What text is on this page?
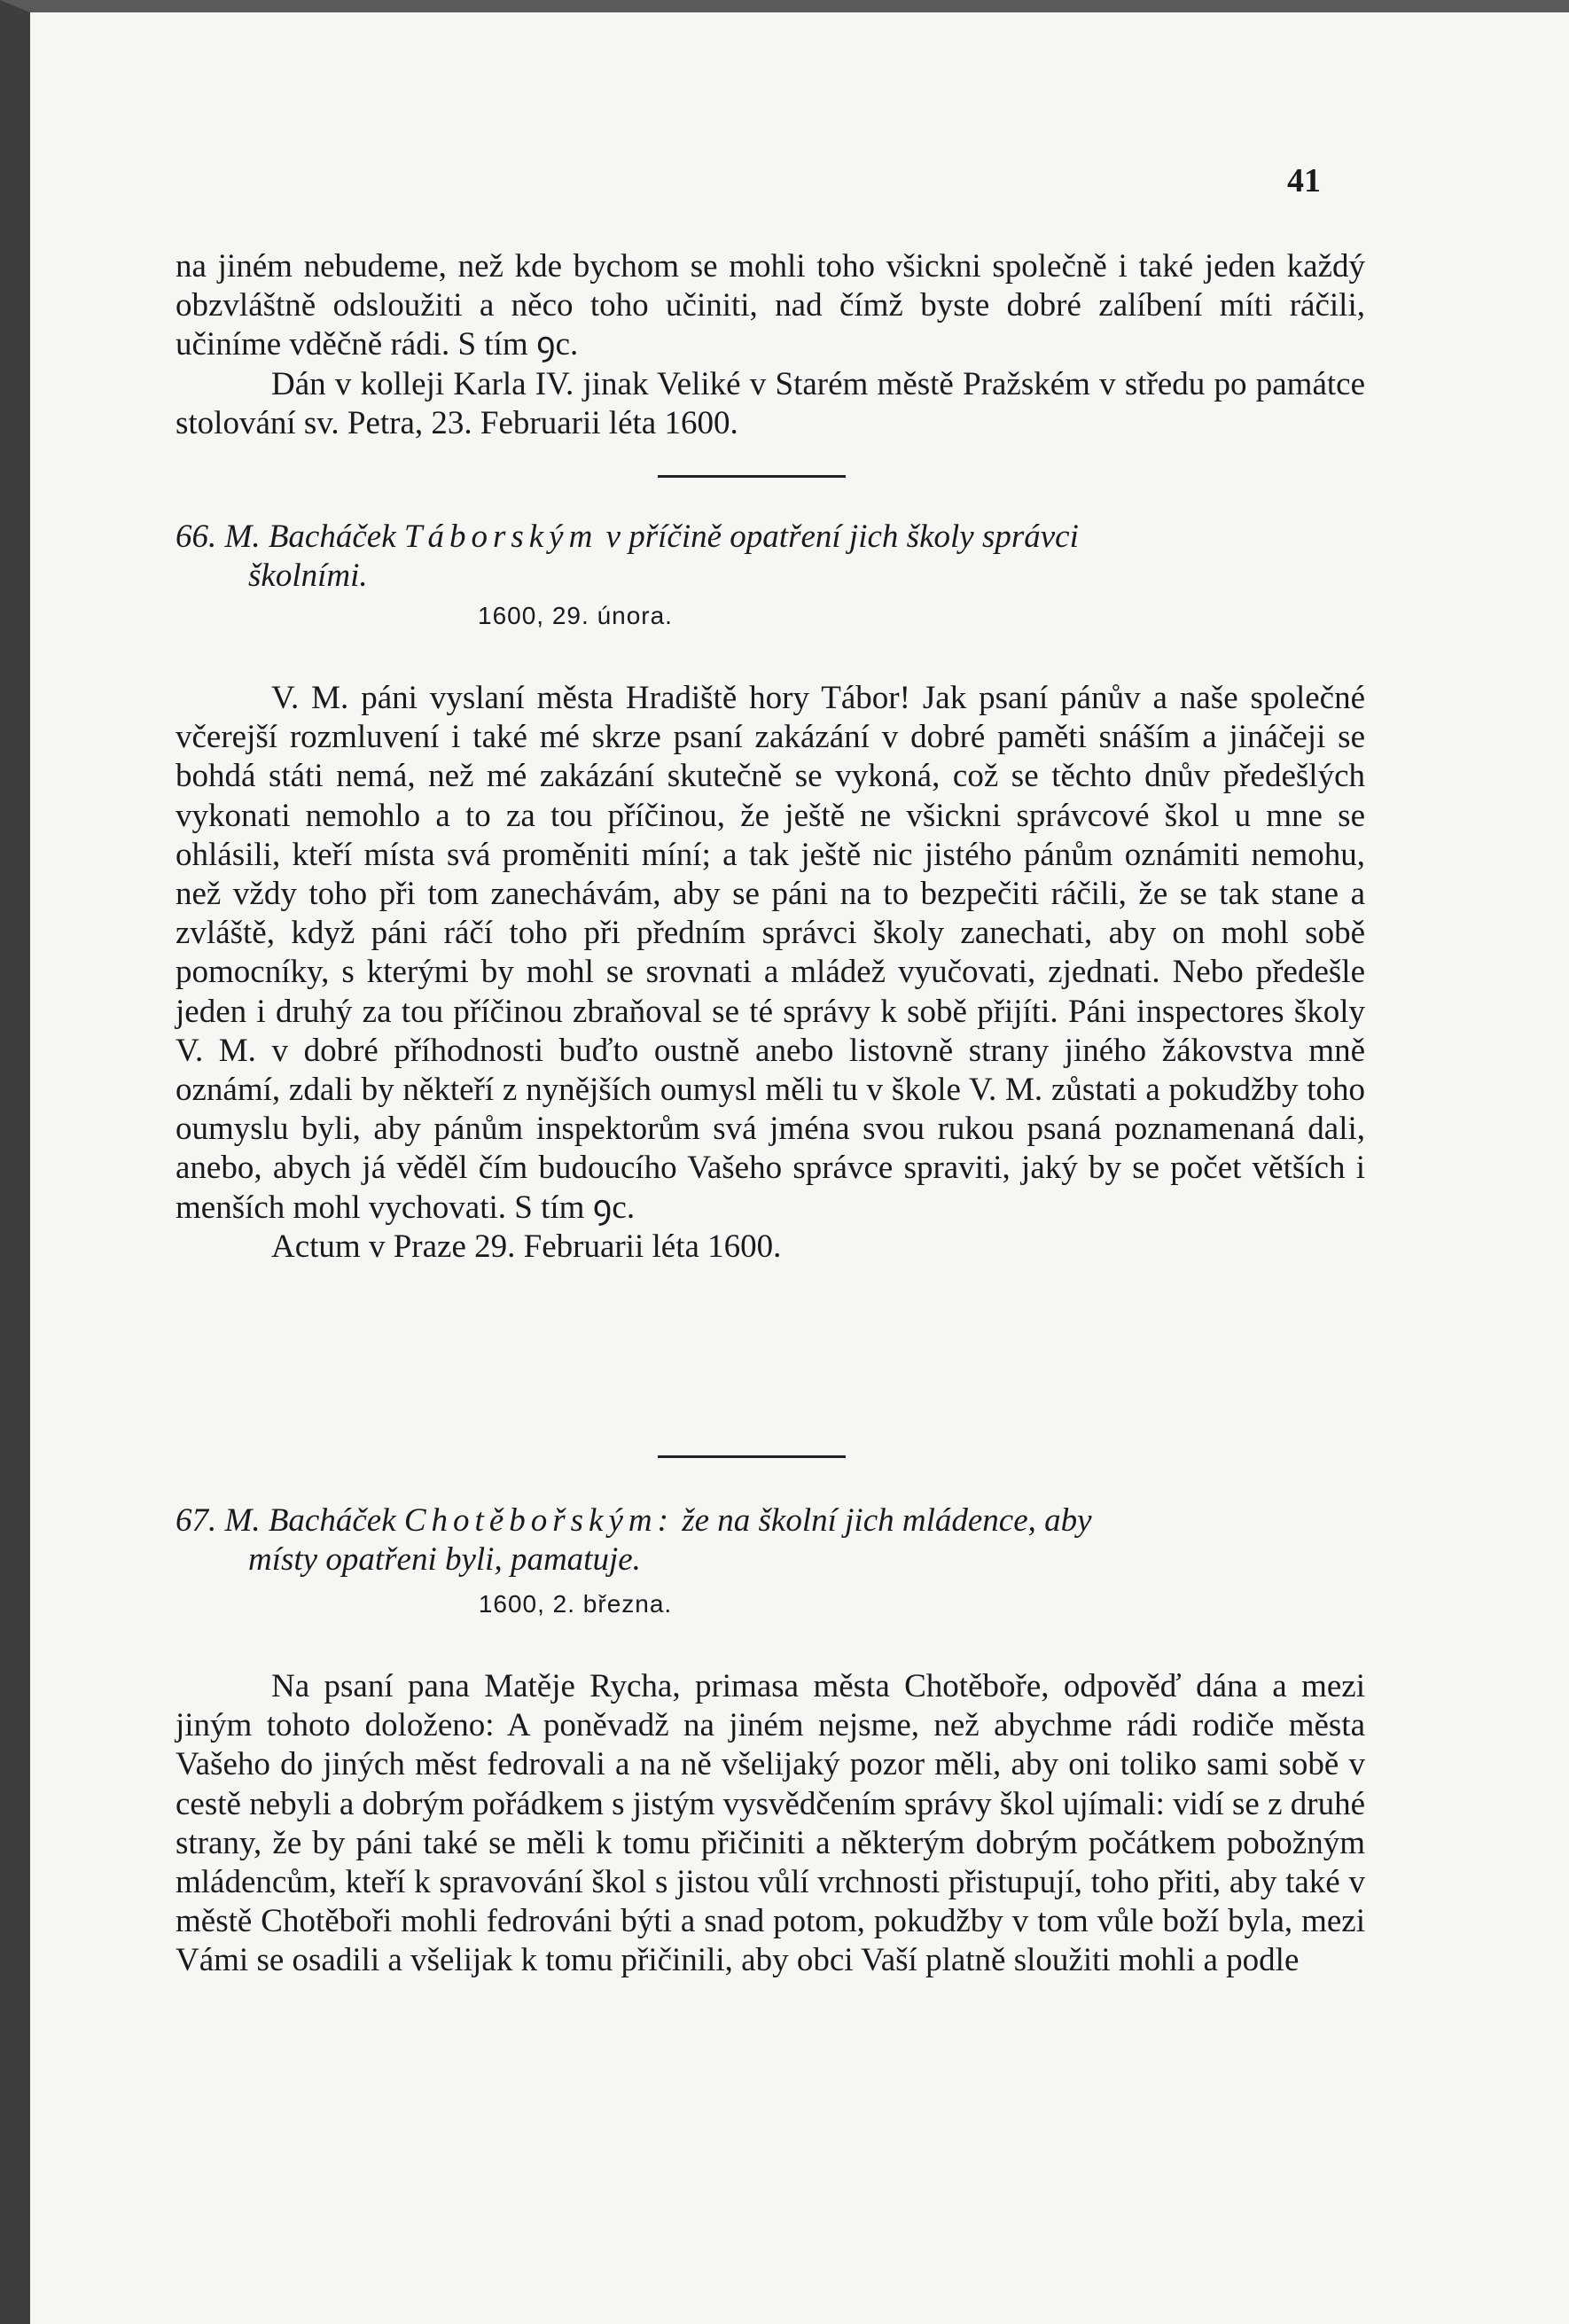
41

na jiném nebudeme, než kde bychom se mohli toho všickni společně i také jeden každý obzvláštně odsloužiti a něco toho učiniti, nad čímž byste dobré zalíbení míti ráčili, učiníme vděčně rádi. S tím ꝯc.

Dán v kolleji Karla IV. jinak Veliké v Starém městě Pražském v středu po památce stolování sv. Petra, 23. Februarii léta 1600.

66. M. Bacháček Táborským v příčině opatření jich školy správci
školními.
1600, 29. února.

V. M. páni vyslaní města Hradiště hory Tábor! Jak psaní pánův a naše společné včerejší rozmluvení i také mé skrze psaní zakázání v dobré paměti snáším a jináčeji se bohdá státi nemá, než mé zakázání skutečně se vykoná, což se těchto dnův předešlých vykonati nemohlo a to za tou příčinou, že ještě ne všickni správcové škol u mne se ohlásili, kteří místa svá proměniti míní; a tak ještě nic jistého pánům oznámiti nemohu, než vždy toho při tom zanechávám, aby se páni na to bezpečiti ráčili, že se tak stane a zvláště, když páni ráčí toho při předním správci školy zanechati, aby on mohl sobě pomocníky, s kterými by mohl se srovnati a mládež vyučovati, zjednati. Nebo předešle jeden i druhý za tou příčinou zbraňoval se té správy k sobě přijíti. Páni inspectores školy V. M. v dobré příhodnosti buďto oustně anebo listovně strany jiného žákovstva mně oznámí, zdali by někteří z nynějších oumysl měli tu v škole V. M. zůstati a pokudžby toho oumyslu byli, aby pánům inspektorům svá jména svou rukou psaná poznamenaná dali, anebo, abych já věděl čím budoucího Vašeho správce spraviti, jaký by se počet větších i menších mohl vychovati. S tím ꝯc.

Actum v Praze 29. Februarii léta 1600.

67. M. Bacháček Chotěbořským: že na školní jich mládence, aby
místy opatřeni byli, pamatuje.
1600, 2. března.

Na psaní pana Matěje Rycha, primasa města Chotěboře, odpověď dána a mezi jiným tohoto doloženo: A poněvadž na jiném nejsme, než abychme rádi rodiče města Vašeho do jiných měst fedrovali a na ně všelijaký pozor měli, aby oni toliko sami sobě v cestě nebyli a dobrým pořádkem s jistým vysvědčením správy škol ujímali: vidí se z druhé strany, že by páni také se měli k tomu přičiniti a některým dobrým počátkem pobožným mládencům, kteří k spravování škol s jistou vůlí vrchnosti přistupují, toho přiti, aby také v městě Chotěboři mohli fedrováni býti a snad potom, pokudžby v tom vůle boží byla, mezi Vámi se osadili a všelijak k tomu přičinili, aby obci Vaší platně sloužiti mohli a podle
